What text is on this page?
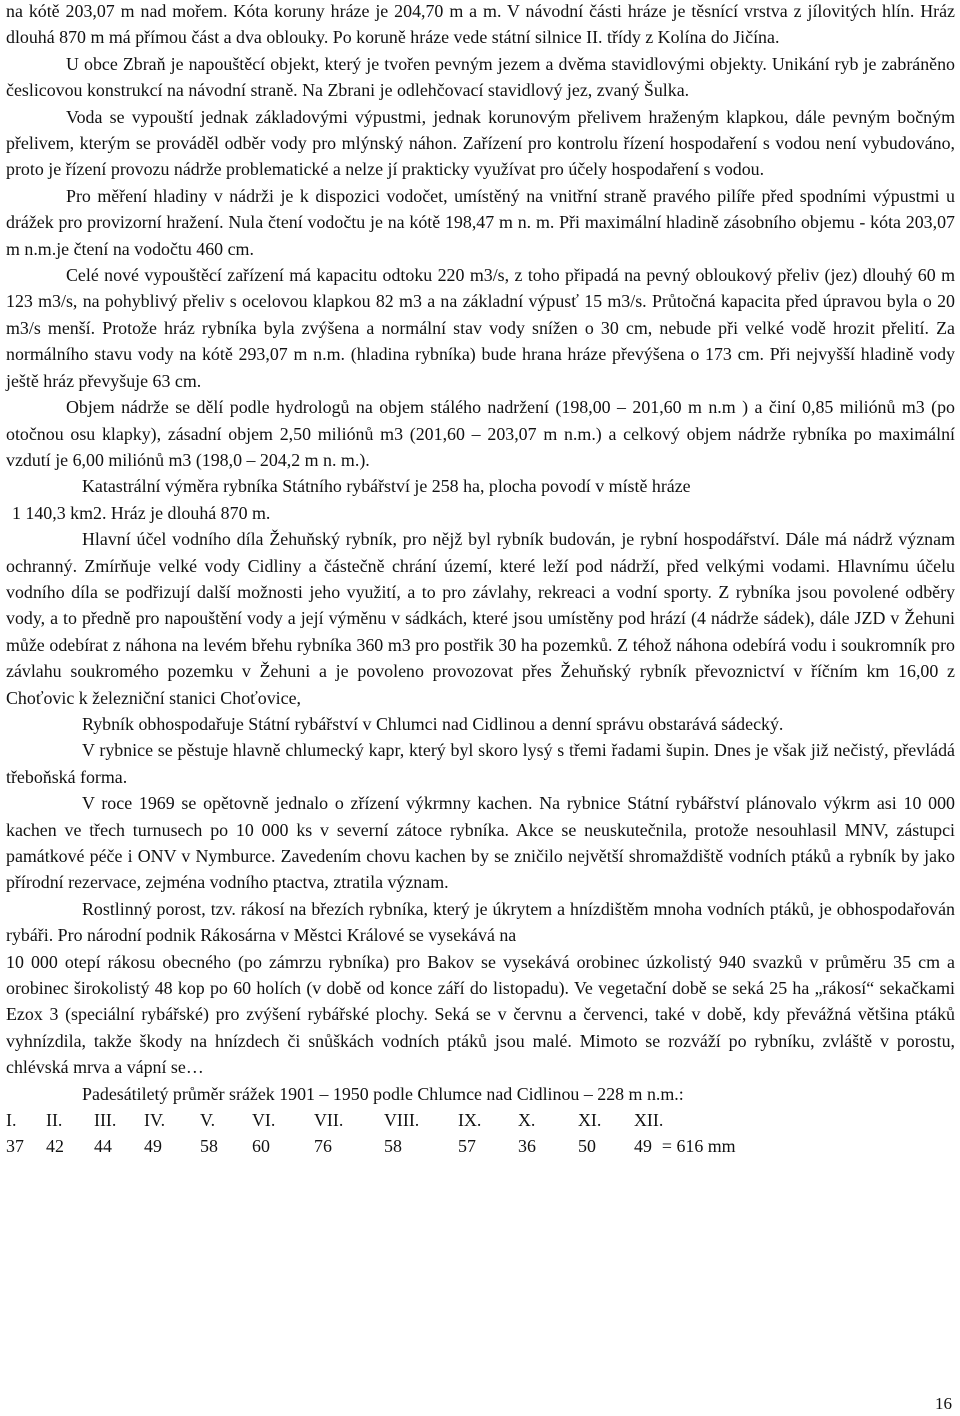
na kótě 203,07 m nad mořem. Kóta koruny hráze je 204,70 m a m. V návodní části hráze je těsnící vrstva z jílovitých hlín. Hráz dlouhá 870 m má přímou část a dva oblouky. Po koruně hráze vede státní silnice II. třídy z Kolína do Jičína.

U obce Zbraň je napouštěcí objekt, který je tvořen pevným jezem a dvěma stavidlovými objekty. Unikání ryb je zabráněno česlicovou konstrukcí na návodní straně. Na Zbrani je odlehčovací stavidlový jez, zvaný Šulka.

Voda se vypouští jednak základovými výpustmi, jednak korunovým přelivem hraženým klapkou, dále pevným bočným přelivem, kterým se prováděl odběr vody pro mlýnský náhon. Zařízení pro kontrolu řízení hospodaření s vodou není vybudováno, proto je řízení provozu nádrže problematické a nelze jí prakticky využívat pro účely hospodaření s vodou.

Pro měření hladiny v nádrži je k dispozici vodočet, umístěný na vnitřní straně pravého pilíře před spodními výpustmi u drážek pro provizorní hražení. Nula čtení vodočtu je na kótě 198,47 m n. m. Při maximální hladině zásobního objemu - kóta 203,07 m n.m.je čtení na vodočtu 460 cm.

Celé nové vypouštěcí zařízení má kapacitu odtoku 220 m3/s, z toho připadá na pevný obloukový přeliv (jez) dlouhý 60 m 123 m3/s, na pohyblivý přeliv s ocelovou klapkou 82 m3 a na základní výpusť 15 m3/s. Průtočná kapacita před úpravou byla o 20 m3/s menší. Protože hráz rybníka byla zvýšena a normální stav vody snížen o 30 cm, nebude při velké vodě hrozit přelití. Za normálního stavu vody na kótě 293,07 m n.m. (hladina rybníka) bude hrana hráze převýšena o 173 cm. Při nejvyšší hladině vody ještě hráz převyšuje 63 cm.

Objem nádrže se dělí podle hydrologů na objem stálého nadržení (198,00 – 201,60 m n.m ) a činí 0,85 miliónů m3 (po otočnou osu klapky), zásadní objem 2,50 miliónů m3 (201,60 – 203,07 m n.m.) a celkový objem nádrže rybníka po maximální vzdutí je 6,00 miliónů m3 (198,0 – 204,2 m n. m.).

Katastrální výměra rybníka Státního rybářství je 258 ha, plocha povodí v místě hráze

1 140,3 km2. Hráz je dlouhá 870 m.

Hlavní účel vodního díla Žehuňský rybník, pro nějž byl rybník budován, je rybní hospodářství. Dále má nádrž význam ochranný. Zmírňuje velké vody Cidliny a částečně chrání území, které leží pod nádrží, před velkými vodami. Hlavnímu účelu vodního díla se podřizují další možnosti jeho využití, a to pro závlahy, rekreaci a vodní sporty. Z rybníka jsou povolené odběry vody, a to předně pro napouštění vody a její výměnu v sádkách, které jsou umístěny pod hrází (4 nádrže sádek), dále JZD v Žehuni může odebírat z náhona na levém břehu rybníka 360 m3 pro postřik 30 ha pozemků. Z téhož náhona odebírá vodu i soukromník pro závlahu soukromého pozemku v Žehuni a je povoleno provozovat přes Žehuňský rybník převoznictví v říčním km 16,00 z Choťovic k železniční stanici Choťovice,

Rybník obhospodařuje Státní rybářství v Chlumci nad Cidlinou a denní správu obstarává sádecký.

V rybnice se pěstuje hlavně chlumecký kapr, který byl skoro lysý s třemi řadami šupin. Dnes je však již nečistý, převládá třeboňská forma.

V roce 1969 se opětovně jednalo o zřízení výkrmny kachen. Na rybnice Státní rybářství plánovalo výkrm asi 10 000 kachen ve třech turnusech po 10 000 ks v severní zátoce rybníka. Akce se neuskutečnila, protože nesouhlasil MNV, zástupci památkové péče i ONV v Nymburce. Zavedením chovu kachen by se zničilo největší shromaždiště vodních ptáků a rybník by jako přírodní rezervace, zejména vodního ptactva, ztratila význam.

Rostlinný porost, tzv. rákosí na březích rybníka, který je úkrytem a hnízdištěm mnoha vodních ptáků, je obhospodařován rybáři. Pro národní podnik Rákosárna v Městci Králové se vysekává na

10 000 otepí rákosu obecného (po zámrzu rybníka) pro Bakov se vysekává orobinec úzkolistý 940 svazků v průměru 35 cm a orobinec širokolistý 48 kop po 60 holích (v době od konce září do listopadu). Ve vegetační době se seká 25 ha „rákosí“ sekačkami Ezox 3 (speciální rybářské) pro zvýšení rybářské plochy. Seká se v červnu a červenci, také v době, kdy převážná většina ptáků vyhnízdila, takže škody na hnízdech či snůškách vodních ptáků jsou malé. Mimoto se rozváží po rybníku, zvláště v porostu, chlévská mrva a vápní se…

Padesátiletý průměr srážek 1901 – 1950 podle Chlumce nad Cidlinou – 228 m n.m.:

I.	II.	III.	IV.	V.	VI.	VII.	VIII.	IX.	X.	XI.	XII.
37	42	44	49	58	60	76	58	57	36	50	49 = 616 mm
16
